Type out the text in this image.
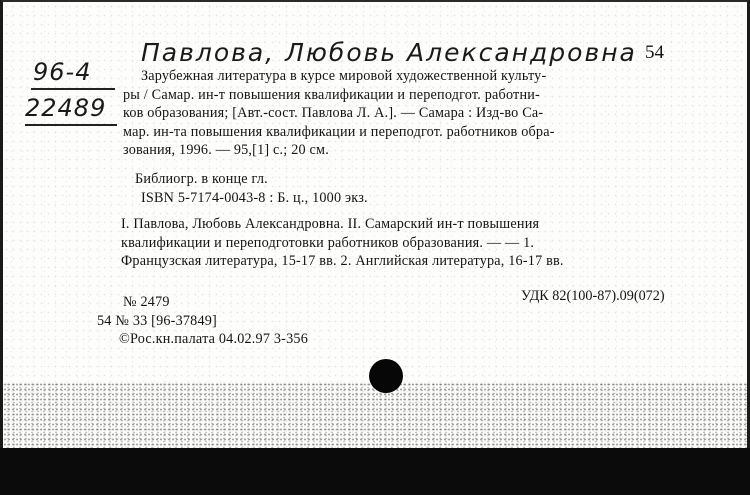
96-4
22489
Павлова, Любовь Александровна 54
Зарубежная литература в курсе мировой художественной культу-
ры / Самар. ин-т повышения квалификации и переподгот. работни-
ков образования; [Авт.-сост. Павлова Л. А.]. — Самара : Изд-во Са-
мар. ин-та повышения квалификации и переподгот. работников обра-
зования, 1996. — 95,[1] с.; 20 см.
Библиогр. в конце гл.
ISBN 5-7174-0043-8 : Б. ц., 1000 экз.
I. Павлова, Любовь Александровна. II. Самарский ин-т повышения
квалификации и переподготовки работников образования. — — 1.
Французская литература, 15-17 вв. 2. Английская литература, 16-17 вв.
№ 2479
54 № 33 [96-37849]
©Рос.кн.палата 04.02.97 3-356
УДК 82(100-87).09(072)
